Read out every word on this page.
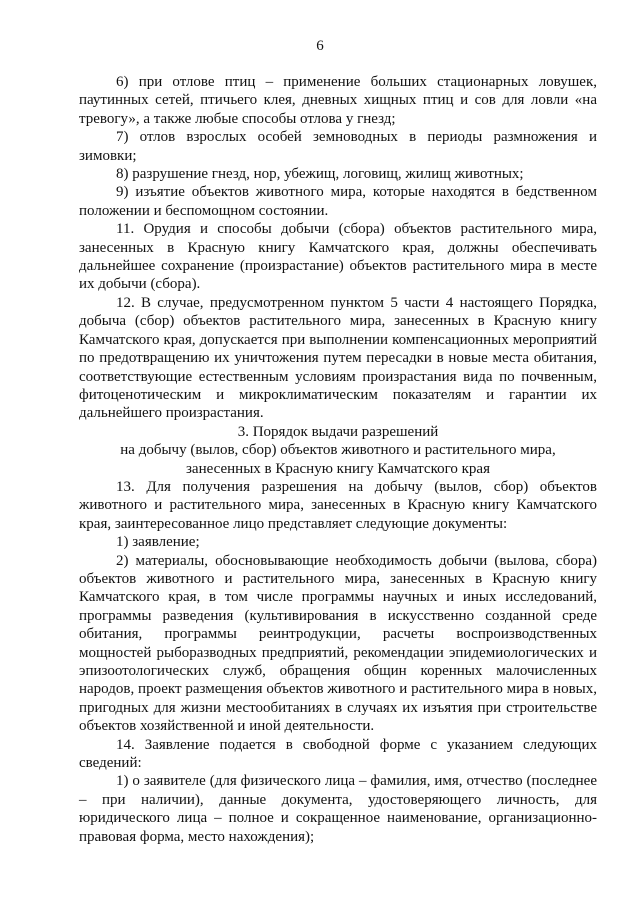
6

6) при отлове птиц – применение больших стационарных ловушек, паутинных сетей, птичьего клея, дневных хищных птиц и сов для ловли «на тревогу», а также любые способы отлова у гнезд;

7) отлов взрослых особей земноводных в периоды размножения и зимовки;

8) разрушение гнезд, нор, убежищ, логовищ, жилищ животных;

9) изъятие объектов животного мира, которые находятся в бедственном положении и беспомощном состоянии.

11. Орудия и способы добычи (сбора) объектов растительного мира, занесенных в Красную книгу Камчатского края, должны обеспечивать дальнейшее сохранение (произрастание) объектов растительного мира в месте их добычи (сбора).

12. В случае, предусмотренном пунктом 5 части 4 настоящего Порядка, добыча (сбор) объектов растительного мира, занесенных в Красную книгу Камчатского края, допускается при выполнении компенсационных мероприятий по предотвращению их уничтожения путем пересадки в новые места обитания, соответствующие естественным условиям произрастания вида по почвенным, фитоценотическим и микроклиматическим показателям и гарантии их дальнейшего произрастания.

3. Порядок выдачи разрешений
на добычу (вылов, сбор) объектов животного и растительного мира,
занесенных в Красную книгу Камчатского края

13. Для получения разрешения на добычу (вылов, сбор) объектов животного и растительного мира, занесенных в Красную книгу Камчатского края, заинтересованное лицо представляет следующие документы:

1) заявление;

2) материалы, обосновывающие необходимость добычи (вылова, сбора) объектов животного и растительного мира, занесенных в Красную книгу Камчатского края, в том числе программы научных и иных исследований, программы разведения (культивирования в искусственно созданной среде обитания, программы реинтродукции, расчеты воспроизводственных мощностей рыборазводных предприятий, рекомендации эпидемиологических и эпизоотологических служб, обращения общин коренных малочисленных народов, проект размещения объектов животного и растительного мира в новых, пригодных для жизни местообитаниях в случаях их изъятия при строительстве объектов хозяйственной и иной деятельности.

14. Заявление подается в свободной форме с указанием следующих сведений:

1) о заявителе (для физического лица – фамилия, имя, отчество (последнее – при наличии), данные документа, удостоверяющего личность, для юридического лица – полное и сокращенное наименование, организационно-правовая форма, место нахождения);
